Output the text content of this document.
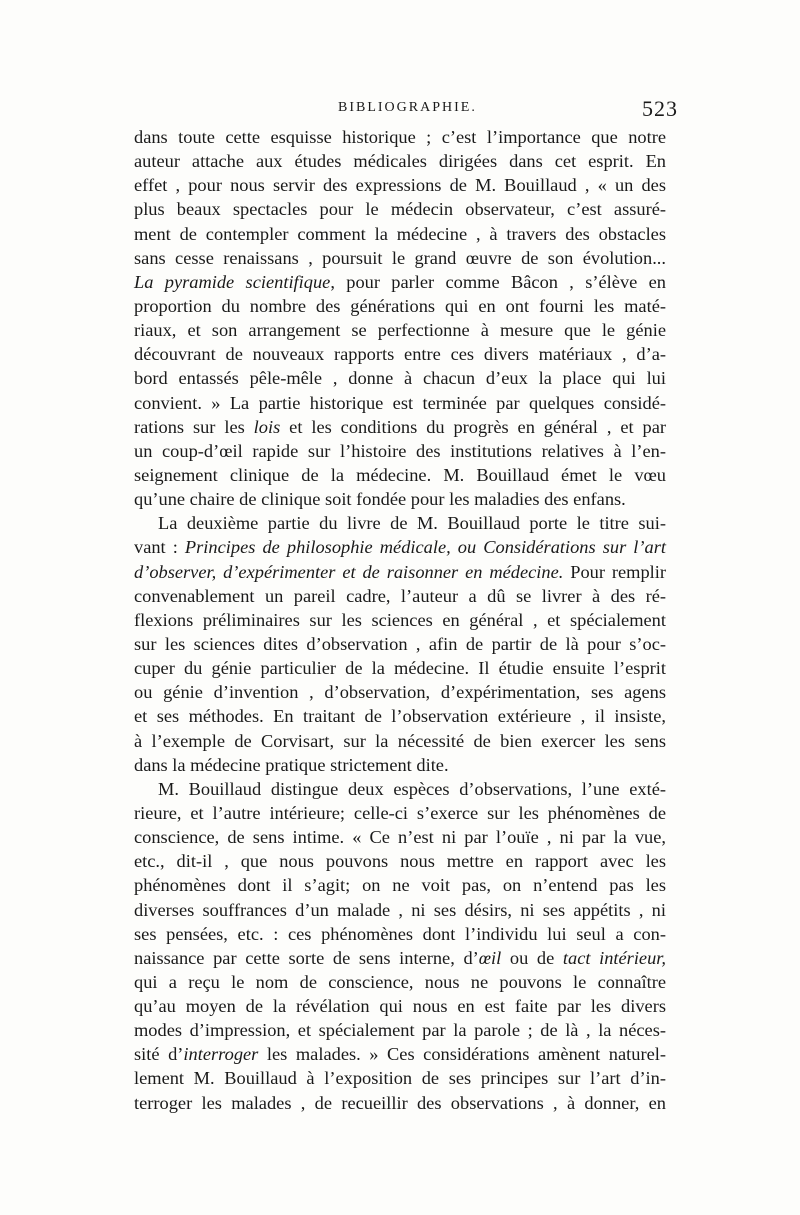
BIBLIOGRAPHIE.	523
dans toute cette esquisse historique ; c’est l’importance que notre
auteur attache aux études médicales dirigées dans cet esprit. En
effet , pour nous servir des expressions de M. Bouillaud , « un des
plus beaux spectacles pour le médecin observateur, c’est assuré-
ment de contempler comment la médecine , à travers des obstacles
sans cesse renaissans , poursuit le grand œuvre de son évolution...
La pyramide scientifique, pour parler comme Bâcon , s’élève en
proportion du nombre des générations qui en ont fourni les maté-
riaux, et son arrangement se perfectionne à mesure que le génie
découvrant de nouveaux rapports entre ces divers matériaux , d’a-
bord entassés pêle-mêle , donne à chacun d’eux la place qui lui
convient. » La partie historique est terminée par quelques considé-
rations sur les lois et les conditions du progrès en général , et par
un coup-d’œil rapide sur l’histoire des institutions relatives à l’en-
seignement clinique de la médecine. M. Bouillaud émet le vœu
qu’une chaire de clinique soit fondée pour les maladies des enfans.
La deuxième partie du livre de M. Bouillaud porte le titre sui-
vant : Principes de philosophie médicale, ou Considérations sur l’art
d’observer, d’expérimenter et de raisonner en médecine. Pour remplir
convenablement un pareil cadre, l’auteur a dû se livrer à des ré-
flexions préliminaires sur les sciences en général , et spécialement
sur les sciences dites d’observation , afin de partir de là pour s’oc-
cuper du génie particulier de la médecine. Il étudie ensuite l’esprit
ou génie d’invention , d’observation, d’expérimentation, ses agens
et ses méthodes. En traitant de l’observation extérieure , il insiste,
à l’exemple de Corvisart, sur la nécessité de bien exercer les sens
dans la médecine pratique strictement dite.
M. Bouillaud distingue deux espèces d’observations, l’une exté-
rieure, et l’autre intérieure; celle-ci s’exerce sur les phénomènes de
conscience, de sens intime. « Ce n’est ni par l’ouïe , ni par la vue,
etc., dit-il , que nous pouvons nous mettre en rapport avec les
phénomènes dont il s’agit; on ne voit pas, on n’entend pas les
diverses souffrances d’un malade , ni ses désirs, ni ses appétits , ni
ses pensées, etc. : ces phénomènes dont l’individu lui seul a con-
naissance par cette sorte de sens interne, d’œil ou de tact intérieur,
qui a reçu le nom de conscience, nous ne pouvons le connaître
qu’au moyen de la révélation qui nous en est faite par les divers
modes d’impression, et spécialement par la parole ; de là , la néces-
sité d’interroger les malades. » Ces considérations amènent naturel-
lement M. Bouillaud à l’exposition de ses principes sur l’art d’in-
terroger les malades , de recueillir des observations , à donner, en
